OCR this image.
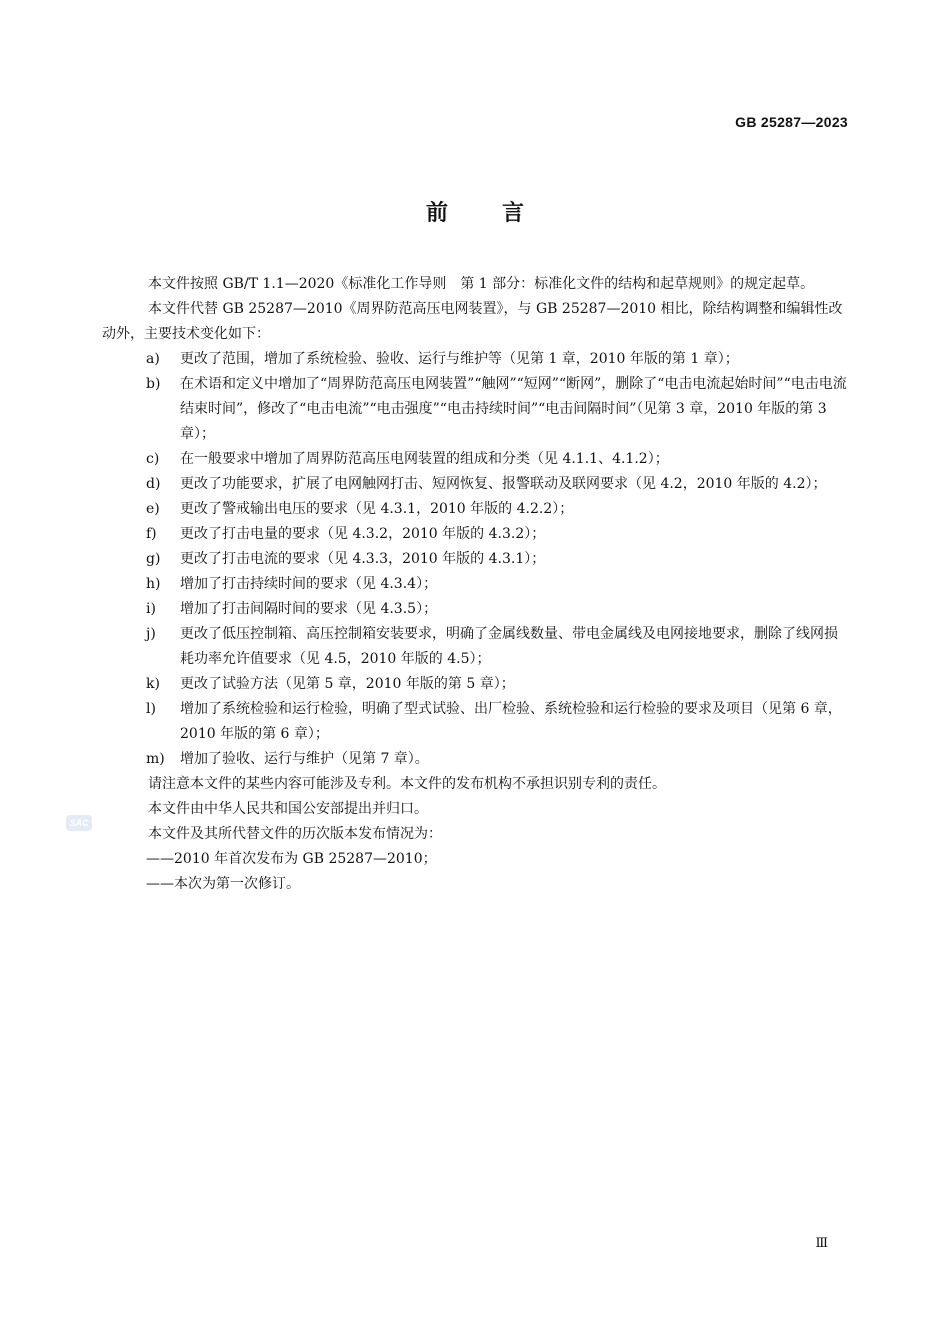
GB 25287—2023
前言

本文件按照 GB/T 1.1—2020《标准化工作导则　第 1 部分：标准化文件的结构和起草规则》的规定起草。

本文件代替 GB 25287—2010《周界防范高压电网装置》，与 GB 25287—2010 相比，除结构调整和编辑性改动外，主要技术变化如下：

a) 更改了范围，增加了系统检验、验收、运行与维护等（见第 1 章，2010 年版的第 1 章）；
b) 在术语和定义中增加了“周界防范高压电网装置”“触网”“短网”“断网”，删除了“电击电流起始时间”“电击电流结束时间”，修改了“电击电流”“电击强度”“电击持续时间”“电击间隔时间”（见第 3 章，2010 年版的第 3 章）；
c) 在一般要求中增加了周界防范高压电网装置的组成和分类（见 4.1.1、4.1.2）；
d) 更改了功能要求，扩展了电网触网打击、短网恢复、报警联动及联网要求（见 4.2，2010 年版的 4.2）；
e) 更改了警戒输出电压的要求（见 4.3.1，2010 年版的 4.2.2）；
f) 更改了打击电量的要求（见 4.3.2，2010 年版的 4.3.2）；
g) 更改了打击电流的要求（见 4.3.3，2010 年版的 4.3.1）；
h) 增加了打击持续时间的要求（见 4.3.4）；
i) 增加了打击间隔时间的要求（见 4.3.5）；
j) 更改了低压控制箱、高压控制箱安装要求，明确了金属线数量、带电金属线及电网接地要求，删除了线网损耗功率允许值要求（见 4.5，2010 年版的 4.5）；
k) 更改了试验方法（见第 5 章，2010 年版的第 5 章）；
l) 增加了系统检验和运行检验，明确了型式试验、出厂检验、系统检验和运行检验的要求及项目（见第 6 章，2010 年版的第 6 章）；
m) 增加了验收、运行与维护（见第 7 章）。

请注意本文件的某些内容可能涉及专利。本文件的发布机构不承担识别专利的责任。

本文件由中华人民共和国公安部提出并归口。

本文件及其所代替文件的历次版本发布情况为：

——2010 年首次发布为 GB 25287—2010；

——本次为第一次修订。

SAC
Ⅲ
